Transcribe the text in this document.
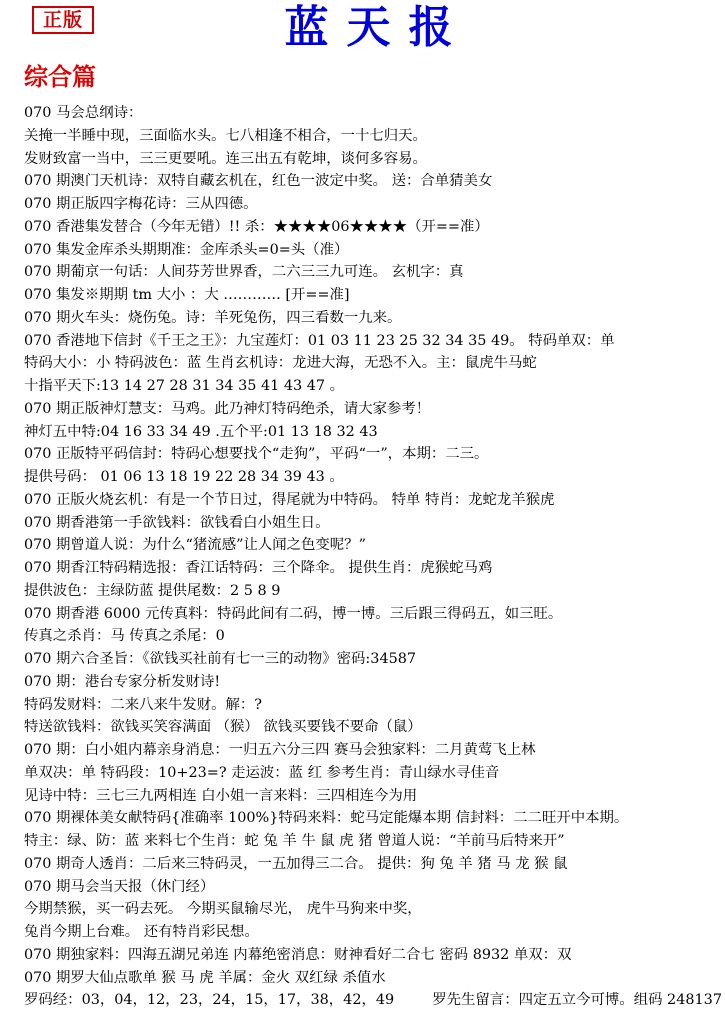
正版	蓝天报
综合篇
070 马会总纲诗：
关掩一半睡中现，三面临水头。七八相逢不相合，一十七归天。
发财致富一当中，三三更要吼。连三出五有乾坤，谈何多容易。
070 期澳门天机诗：双特自藏玄机在，红色一波定中奖。 送：合单猜美女
070 期正版四字梅花诗：三从四德。
070 香港集发替合（今年无错）!! 杀：★★★★06★★★★（开==准）
070 集发金库杀头期期准：金库杀头=0=头（准）
070 期葡京一句话：人间芬芳世界香，二六三三九可连。 玄机字：真
070 集发※期期 tm 大小 ：大 ………… [开==准]
070 期火车头：烧伤兔。诗：羊死兔伤，四三看数一九来。
070 香港地下信封《千王之王》：九宝莲灯：01 03 11 23 25 32 34 35 49。 特码单双：单
特码大小：小 特码波色：蓝 生肖玄机诗：龙进大海，无恐不入。主：鼠虎牛马蛇
十指平天下:13 14 27 28 31 34 35 41 43 47 。
070 期正版神灯慧支：马鸡。此乃神灯特码绝杀，请大家参考！
神灯五中特:04 16 33 34 49 .五个平:01 13 18 32 43
070 正版特平码信封：特码心想要找个“走狗”，平码“一”，本期：二三。
提供号码： 01 06 13 18 19 22 28 34 39 43 。
070 正版火烧玄机：有是一个节日过，得尾就为中特码。 特单 特肖：龙蛇龙羊猴虎
070 期香港第一手欲钱料：欲钱看白小姐生日。
070 期曾道人说：为什么“猪流感”让人闻之色变呢？”
070 期香江特码精选报：香江话特码：三个降伞。 提供生肖：虎猴蛇马鸡
提供波色：主绿防蓝 提供尾数：2 5 8 9
070 期香港 6000 元传真料：特码此间有二码，博一博。三后跟三得码五，如三旺。
传真之杀肖：马 传真之杀尾：0
070 期六合圣旨：《欲钱买社前有七一三的动物》密码:34587
070 期：港台专家分析发财诗!
特码发财料：二来八来牛发财。解：?
特送欲钱料：欲钱买笑容满面 （猴） 欲钱买要钱不要命（鼠）
070 期：白小姐内幕亲身消息：一归五六分三四 赛马会独家料：二月黄莺飞上林
单双决：单 特码段：10+23=? 走运波：蓝 红 参考生肖：青山绿水寻佳音
见诗中特：三七三九两相连 白小姐一言来料：三四相连今为用
070 期裸体美女献特码{准确率 100%}特码来料：蛇马定能爆本期 信封料：二二旺开中本期。
特主：绿、防：蓝 来料七个生肖：蛇 兔 羊 牛 鼠 虎 猪 曾道人说：“羊前马后特来开”
070 期奇人透肖：二后来三特码灵，一五加得三二合。 提供：狗 兔 羊 猪 马 龙 猴 鼠
070 期马会当天报（休门经）
今期禁猴，买一码去死。 今期买鼠输尽光， 虎牛马狗来中奖，
兔肖今期上台难。 还有特肖彩民想。
070 期独家料：四海五湖兄弟连 内幕绝密消息：财神看好二合七 密码 8932 单双：双
070 期罗大仙点歌单 猴 马 虎 羊属：金火 双红绿 杀值水
罗码经：03，04，12，23，24，15，17，38，42，49	罗先生留言：四定五立今可博。组码 248137
